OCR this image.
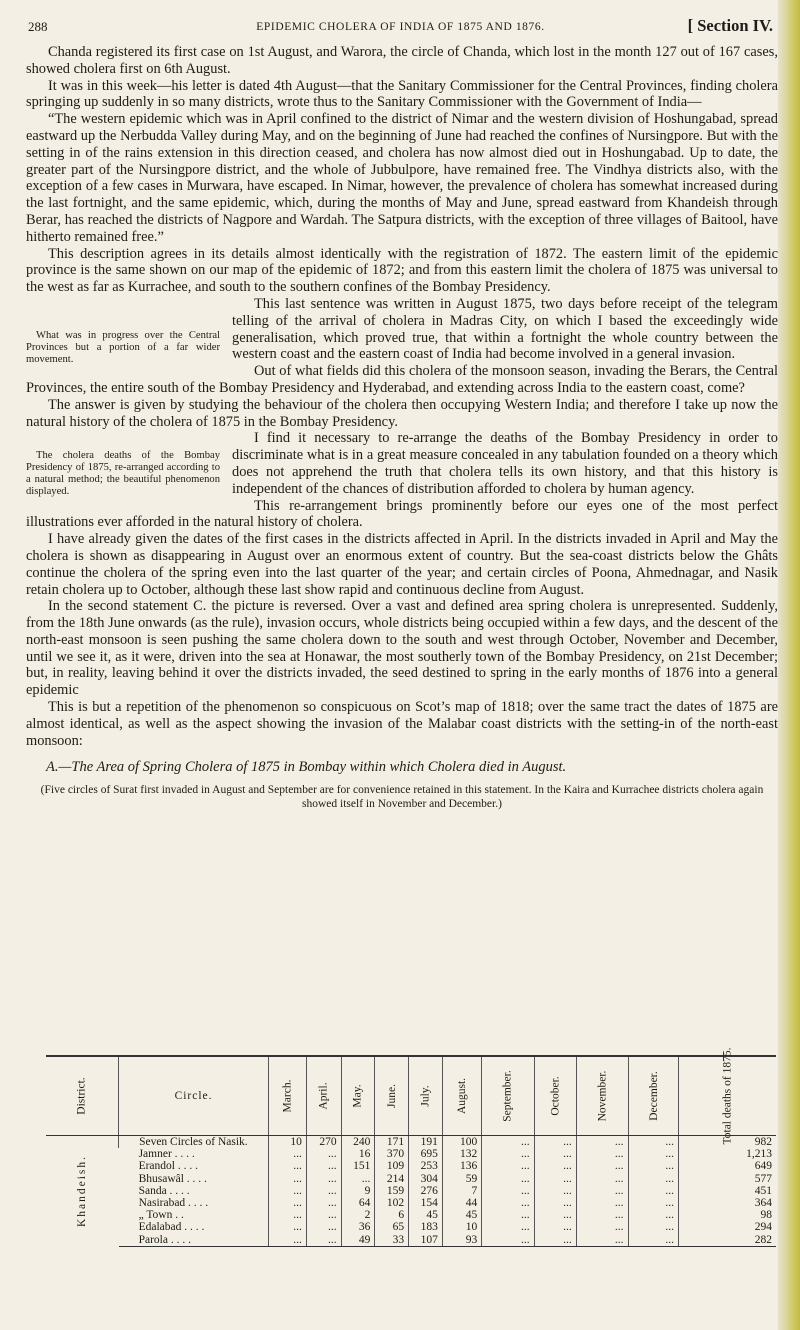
288	EPIDEMIC CHOLERA OF INDIA OF 1875 AND 1876.	[ Section IV.

Chanda registered its first case on 1st August, and Warora, the circle of Chanda, which lost in the month 127 out of 167 cases, showed cholera first on 6th August.

It was in this week—his letter is dated 4th August—that the Sanitary Commissioner for the Central Provinces, finding cholera springing up suddenly in so many districts, wrote thus to the Sanitary Commissioner with the Government of India—

“The western epidemic which was in April confined to the district of Nimar and the western division of Hoshungabad, spread eastward up the Nerbudda Valley during May, and on the beginning of June had reached the confines of Nursingpore. But with the setting in of the rains extension in this direction ceased, and cholera has now almost died out in Hoshungabad. Up to date, the greater part of the Nursingpore district, and the whole of Jubbulpore, have remained free. The Vindhya districts also, with the exception of a few cases in Murwara, have escaped. In Nimar, however, the prevalence of cholera has somewhat increased during the last fortnight, and the same epidemic, which, during the months of May and June, spread eastward from Khandeish through Berar, has reached the districts of Nagpore and Wardah. The Satpura districts, with the exception of three villages of Baitool, have hitherto remained free.”

This description agrees in its details almost identically with the registration of 1872. The eastern limit of the epidemic province is the same shown on our map of the epidemic of 1872; and from this eastern limit the cholera of 1875 was universal to the west as far as Kurrachee, and south to the southern confines of the Bombay Presidency.

What was in progress over the Central Provinces but a portion of a far wider movement.

This last sentence was written in August 1875, two days before receipt of the telegram telling of the arrival of cholera in Madras City, on which I based the exceedingly wide generalisation, which proved true, that within a fortnight the whole country between the western coast and the eastern coast of India had become involved in a general invasion.

Out of what fields did this cholera of the monsoon season, invading the Berars, the Central Provinces, the entire south of the Bombay Presidency and Hyderabad, and extending across India to the eastern coast, come?

The answer is given by studying the behaviour of the cholera then occupying Western India; and therefore I take up now the natural history of the cholera of 1875 in the Bombay Presidency.

The cholera deaths of the Bombay Presidency of 1875, re-arranged according to a natural method; the beautiful phenomenon displayed.

I find it necessary to re-arrange the deaths of the Bombay Presidency in order to discriminate what is in a great measure concealed in any tabulation founded on a theory which does not apprehend the truth that cholera tells its own history, and that this history is independent of the chances of distribution afforded to cholera by human agency.

This re-arrangement brings prominently before our eyes one of the most perfect illustrations ever afforded in the natural history of cholera.

I have already given the dates of the first cases in the districts affected in April. In the districts invaded in April and May the cholera is shown as disappearing in August over an enormous extent of country. But the sea-coast districts below the Ghâts continue the cholera of the spring even into the last quarter of the year; and certain circles of Poona, Ahmednagar, and Nasik retain cholera up to October, although these last show rapid and continuous decline from August.

In the second statement C. the picture is reversed. Over a vast and defined area spring cholera is unrepresented. Suddenly, from the 18th June onwards (as the rule), invasion occurs, whole districts being occupied within a few days, and the descent of the north-east monsoon is seen pushing the same cholera down to the south and west through October, November and December, until we see it, as it were, driven into the sea at Honawar, the most southerly town of the Bombay Presidency, on 21st December; but, in reality, leaving behind it over the districts invaded, the seed destined to spring in the early months of 1876 into a general epidemic

This is but a repetition of the phenomenon so conspicuous on Scot’s map of 1818; over the same tract the dates of 1875 are almost identical, as well as the aspect showing the invasion of the Malabar coast districts with the setting-in of the north-east monsoon:

A.—The Area of Spring Cholera of 1875 in Bombay within which Cholera died in August.

(Five circles of Surat first invaded in August and September are for convenience retained in this statement. In the Kaira and Kurrachee districts cholera again showed itself in November and December.)

District.	Circle.	March.	April.	May.	June.	July.	August.	September.	October.	November.	December.	Total deaths of 1875.
Khandeish.	Seven Circles of Nasik.	10	270	240	171	191	100	...	...	...	...	982
	Jamner . . . .	...	...	16	370	695	132	...	...	...	...	1,213
	Erandol . . . .	...	...	151	109	253	136	...	...	...	...	649
	Bhusawâl . . . .	...	...	...	214	304	59	...	...	...	...	577
	Sanda . . . .	...	...	9	159	276	7	...	...	...	...	451
	Nasirabad . . . .	...	...	64	102	154	44	...	...	...	...	364
	„ Town . .	...	...	2	6	45	45	...	...	...	...	98
	Edalabad . . . .	...	...	36	65	183	10	...	...	...	...	294
	Parola . . . .	...	...	49	33	107	93	...	...	...	...	282
